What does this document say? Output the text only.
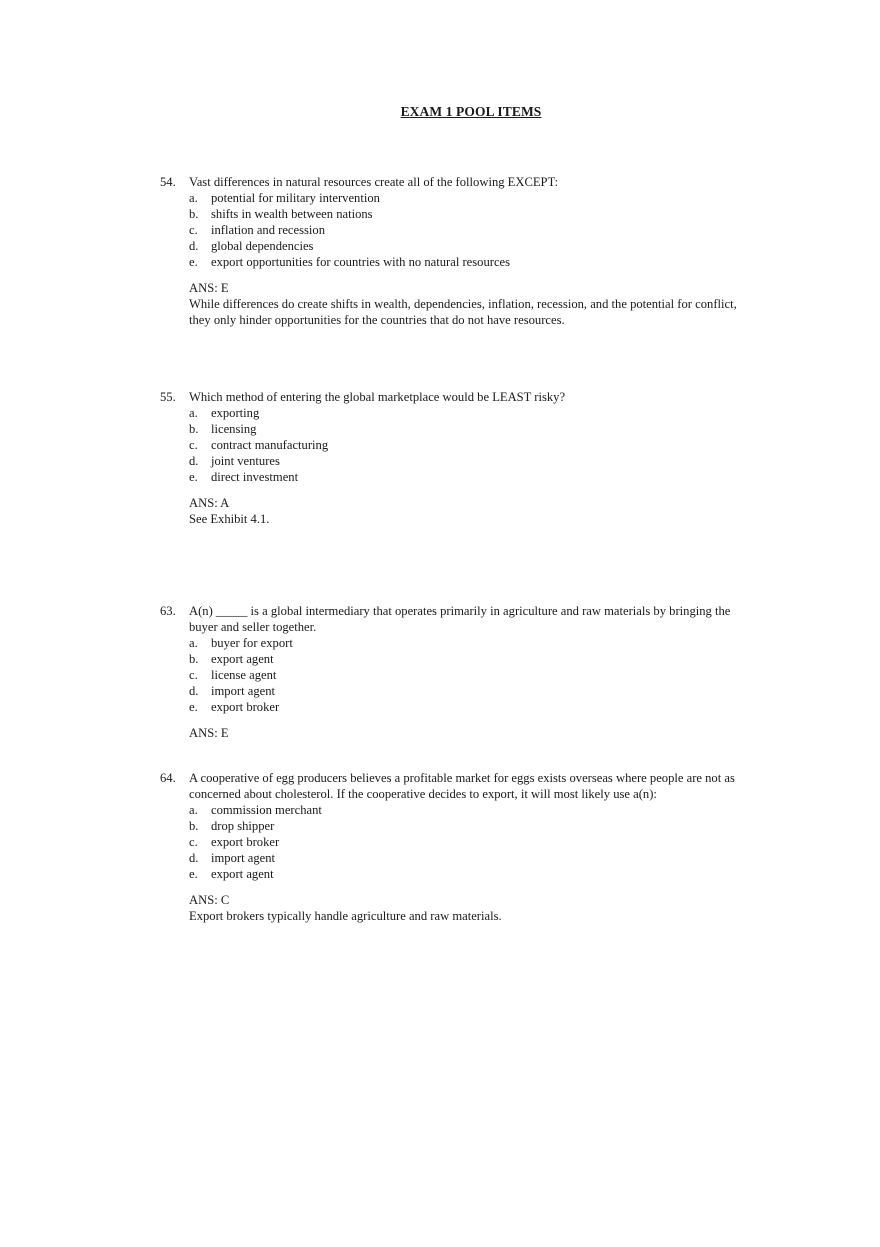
EXAM 1 POOL ITEMS
54. Vast differences in natural resources create all of the following EXCEPT:
a. potential for military intervention
b. shifts in wealth between nations
c. inflation and recession
d. global dependencies
e. export opportunities for countries with no natural resources
ANS: E
While differences do create shifts in wealth, dependencies, inflation, recession, and the potential for conflict, they only hinder opportunities for the countries that do not have resources.
55. Which method of entering the global marketplace would be LEAST risky?
a. exporting
b. licensing
c. contract manufacturing
d. joint ventures
e. direct investment
ANS: A
See Exhibit 4.1.
63. A(n) _____ is a global intermediary that operates primarily in agriculture and raw materials by bringing the buyer and seller together.
a. buyer for export
b. export agent
c. license agent
d. import agent
e. export broker
ANS: E
64. A cooperative of egg producers believes a profitable market for eggs exists overseas where people are not as concerned about cholesterol. If the cooperative decides to export, it will most likely use a(n):
a. commission merchant
b. drop shipper
c. export broker
d. import agent
e. export agent
ANS: C
Export brokers typically handle agriculture and raw materials.
